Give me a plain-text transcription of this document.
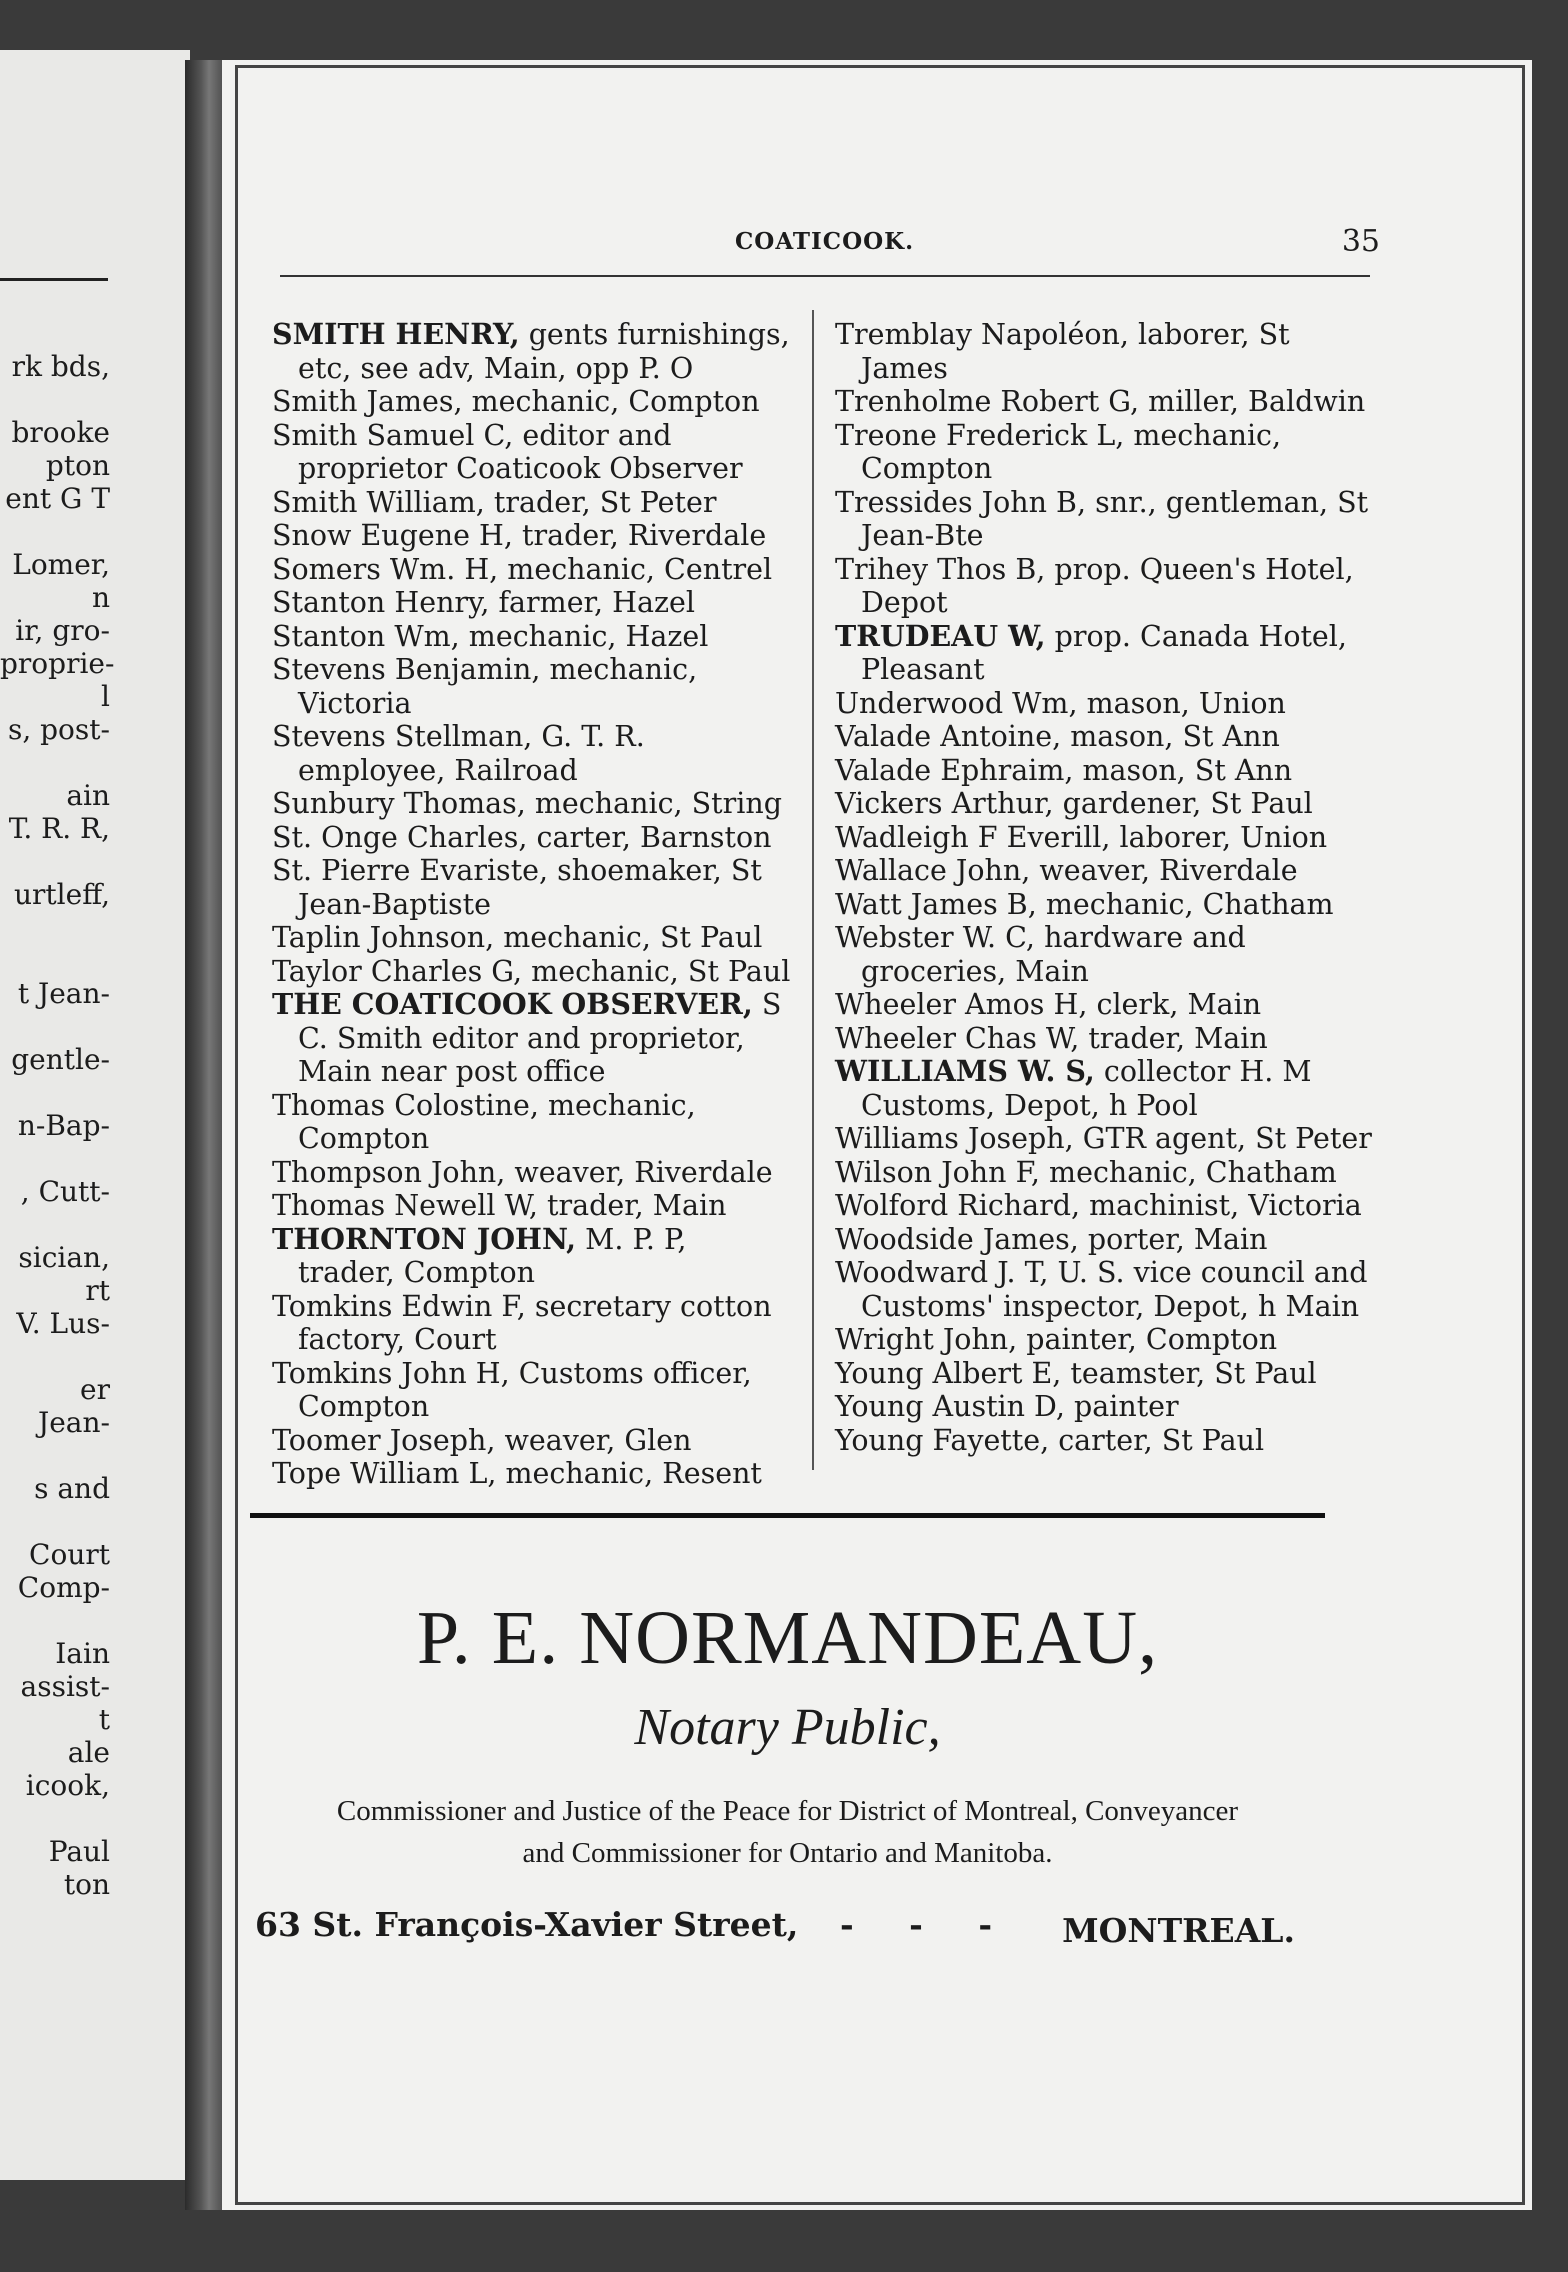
rk bds,

brooke
pton
ent G T

Lomer,
n
ir, gro-
proprie-
l
s, post-

ain
T. R. R,

urtleff,

t Jean-

gentle-

n-Bap-

, Cutt-

sician,
rt
V. Lus-

er
Jean-

s and

Court
Comp-

Iain
assist-
t
ale
icook,

Paul
ton
COATICOOK.	35
SMITH HENRY, gents furnishings, etc, see adv, Main, opp P. O
Smith James, mechanic, Compton
Smith Samuel C, editor and proprietor Coaticook Observer
Smith William, trader, St Peter
Snow Eugene H, trader, Riverdale
Somers Wm. H, mechanic, Centrel
Stanton Henry, farmer, Hazel
Stanton Wm, mechanic, Hazel
Stevens Benjamin, mechanic, Victoria
Stevens Stellman, G. T. R. employee, Railroad
Sunbury Thomas, mechanic, String
St. Onge Charles, carter, Barnston
St. Pierre Evariste, shoemaker, St Jean-Baptiste
Taplin Johnson, mechanic, St Paul
Taylor Charles G, mechanic, St Paul
THE COATICOOK OBSERVER, S C. Smith editor and proprietor, Main near post office
Thomas Colostine, mechanic, Compton
Thompson John, weaver, Riverdale
Thomas Newell W, trader, Main
THORNTON JOHN, M. P. P, trader, Compton
Tomkins Edwin F, secretary cotton factory, Court
Tomkins John H, Customs officer, Compton
Toomer Joseph, weaver, Glen
Tope William L, mechanic, Resent
Tremblay Napoléon, laborer, St James
Trenholme Robert G, miller, Baldwin
Treone Frederick L, mechanic, Compton
Tressides John B, snr., gentleman, St Jean-Bte
Trihey Thos B, prop. Queen's Hotel, Depot
TRUDEAU W, prop. Canada Hotel, Pleasant
Underwood Wm, mason, Union
Valade Antoine, mason, St Ann
Valade Ephraim, mason, St Ann
Vickers Arthur, gardener, St Paul
Wadleigh F Everill, laborer, Union
Wallace John, weaver, Riverdale
Watt James B, mechanic, Chatham
Webster W. C, hardware and groceries, Main
Wheeler Amos H, clerk, Main
Wheeler Chas W, trader, Main
WILLIAMS W. S, collector H. M Customs, Depot, h Pool
Williams Joseph, GTR agent, St Peter
Wilson John F, mechanic, Chatham
Wolford Richard, machinist, Victoria
Woodside James, porter, Main
Woodward J. T, U. S. vice council and Customs' inspector, Depot, h Main
Wright John, painter, Compton
Young Albert E, teamster, St Paul
Young Austin D, painter
Young Fayette, carter, St Paul
P. E. NORMANDEAU,
Notary Public,
Commissioner and Justice of the Peace for District of Montreal, Conveyancer
and Commissioner for Ontario and Manitoba.
63 St. François-Xavier Street, - - - MONTREAL.
